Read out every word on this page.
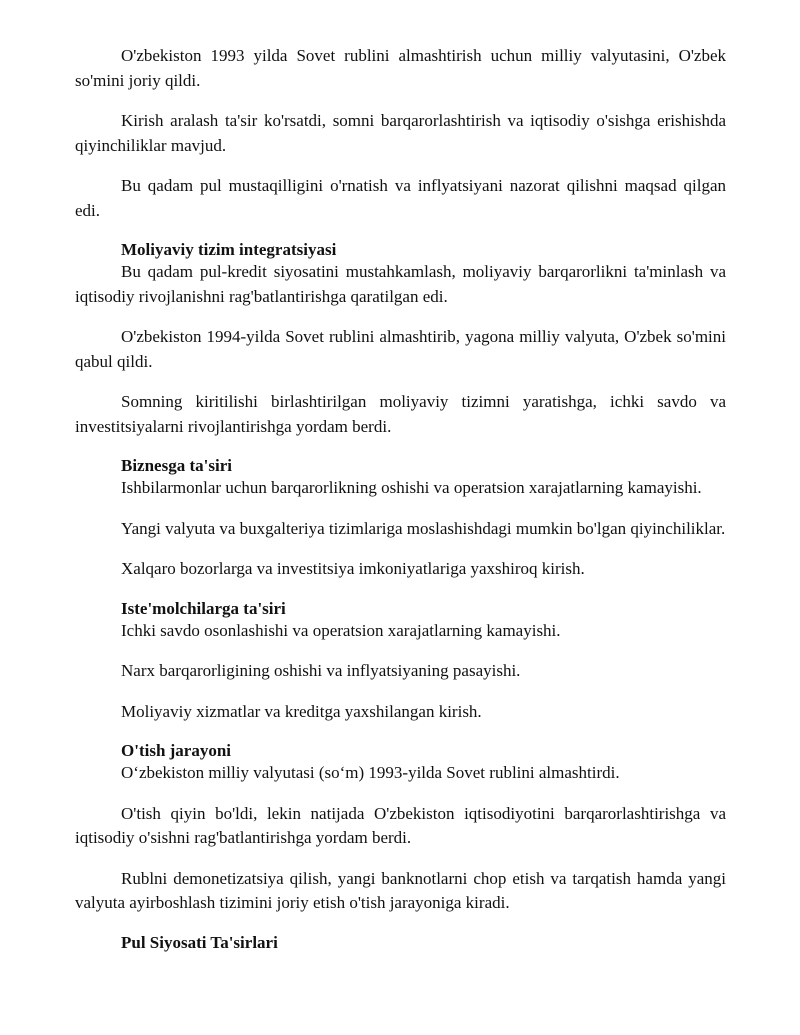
O'zbekiston 1993 yilda Sovet rublini almashtirish uchun milliy valyutasini, O'zbek so'mini joriy qildi.

Kirish aralash ta'sir ko'rsatdi, somni barqarorlashtirish va iqtisodiy o'sishga erishishda qiyinchiliklar mavjud.

Bu qadam pul mustaqilligini o'rnatish va inflyatsiyani nazorat qilishni maqsad qilgan edi.

Moliyaviy tizim integratsiyasi

Bu qadam pul-kredit siyosatini mustahkamlash, moliyaviy barqarorlikni ta'minlash va iqtisodiy rivojlanishni rag'batlantirishga qaratilgan edi.

O'zbekiston 1994-yilda Sovet rublini almashtirib, yagona milliy valyuta, O'zbek so'mini qabul qildi.

Somning kiritilishi birlashtirilgan moliyaviy tizimni yaratishga, ichki savdo va investitsiyalarni rivojlantirishga yordam berdi.

Biznesga ta'siri

Ishbilarmonlar uchun barqarorlikning oshishi va operatsion xarajatlarning kamayishi.

Yangi valyuta va buxgalteriya tizimlariga moslashishdagi mumkin bo'lgan qiyinchiliklar.

Xalqaro bozorlarga va investitsiya imkoniyatlariga yaxshiroq kirish.

Iste'molchilarga ta'siri

Ichki savdo osonlashishi va operatsion xarajatlarning kamayishi.

Narx barqarorligining oshishi va inflyatsiyaning pasayishi.

Moliyaviy xizmatlar va kreditga yaxshilangan kirish.

O'tish jarayoni

O‘zbekiston milliy valyutasi (so‘m) 1993-yilda Sovet rublini almashtirdi.

O'tish qiyin bo'ldi, lekin natijada O'zbekiston iqtisodiyotini barqarorlashtirishga va iqtisodiy o'sishni rag'batlantirishga yordam berdi.

Rublni demonetizatsiya qilish, yangi banknotlarni chop etish va tarqatish hamda yangi valyuta ayirboshlash tizimini joriy etish o'tish jarayoniga kiradi.

Pul Siyosati Ta'sirlari
